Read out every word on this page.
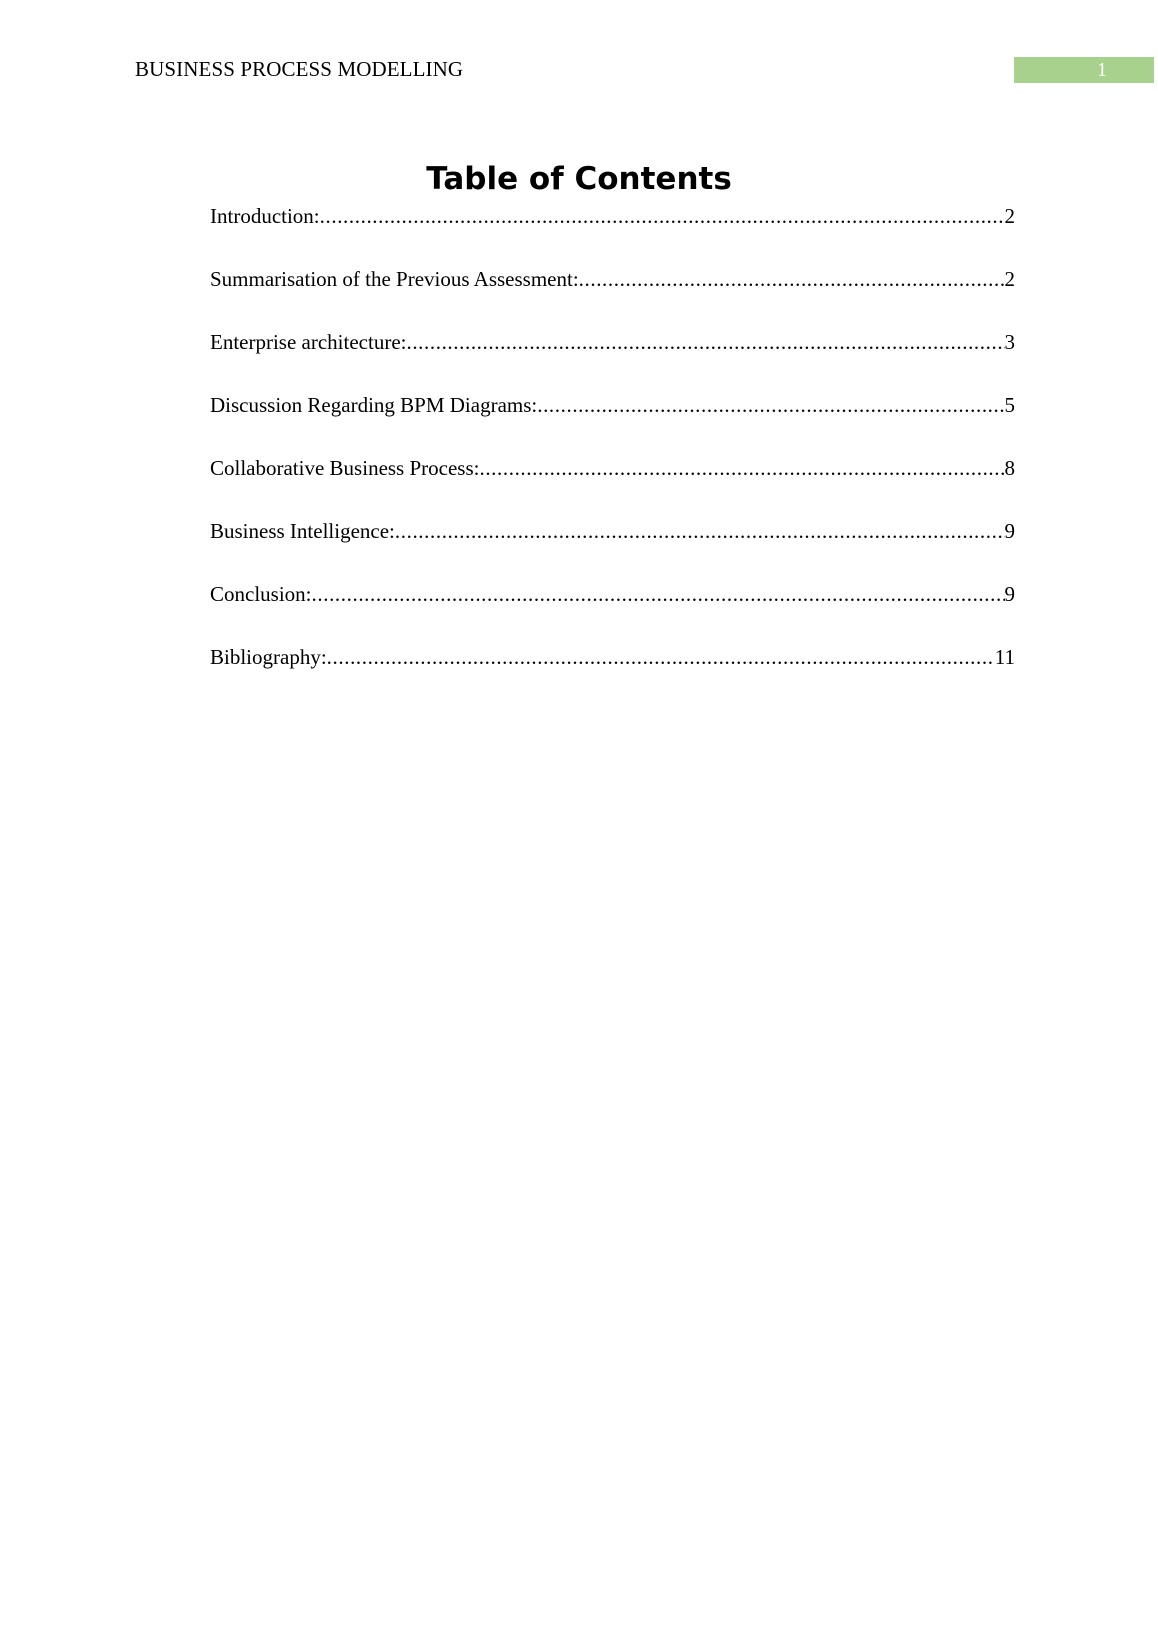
BUSINESS PROCESS MODELLING	1
Table of Contents
Introduction: .....	2
Summarisation of the Previous Assessment: .....	2
Enterprise architecture: .....	3
Discussion Regarding BPM Diagrams: .....	5
Collaborative Business Process: .....	8
Business Intelligence: .....	9
Conclusion: .....	9
Bibliography: .....	11
